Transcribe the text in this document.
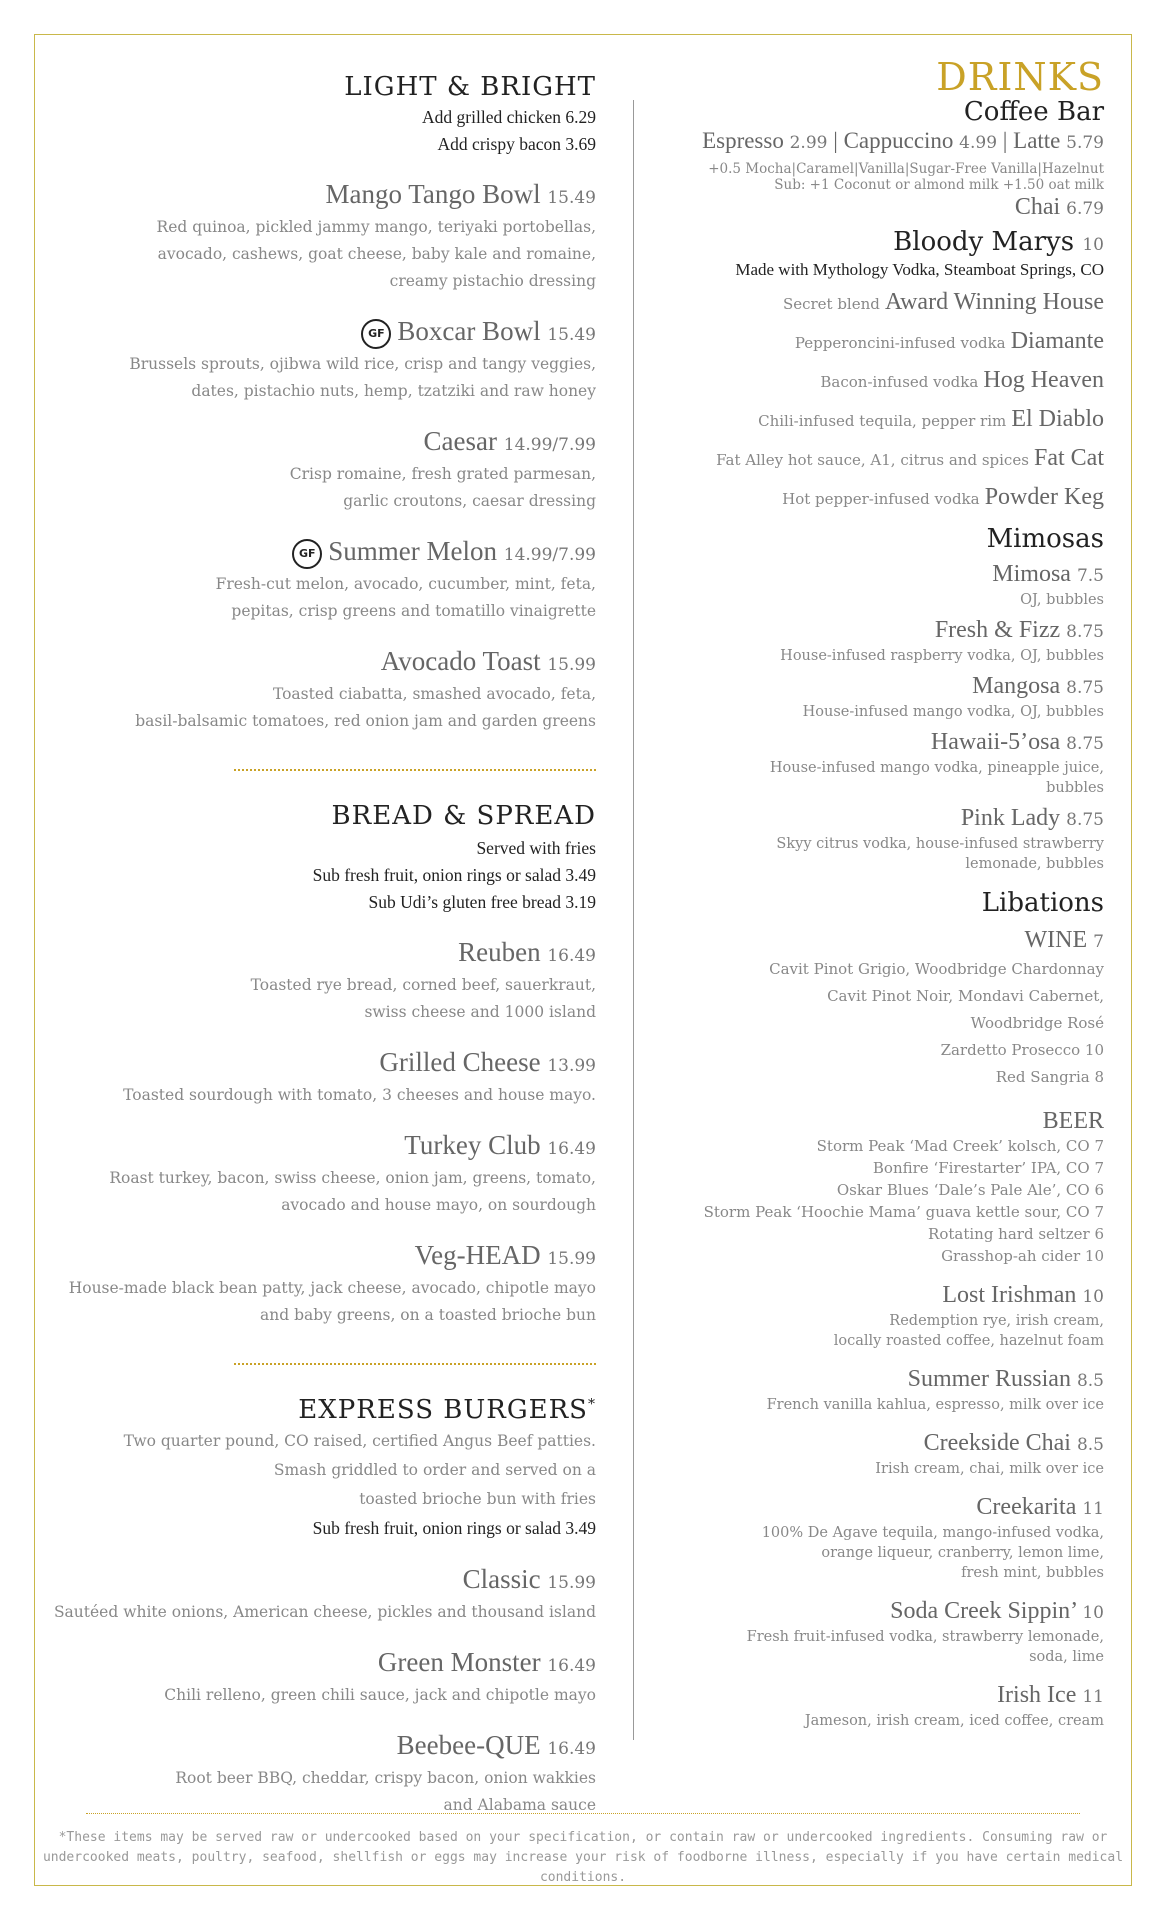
LIGHT & BRIGHT
Add grilled chicken 6.29
Add crispy bacon 3.69
Mango Tango Bowl 15.49
Red quinoa, pickled jammy mango, teriyaki portobellas,
avocado, cashews, goat cheese, baby kale and romaine,
creamy pistachio dressing
GF Boxcar Bowl 15.49
Brussels sprouts, ojibwa wild rice, crisp and tangy veggies,
dates, pistachio nuts, hemp, tzatziki and raw honey
Caesar 14.99/7.99
Crisp romaine, fresh grated parmesan,
garlic croutons, caesar dressing
GF Summer Melon 14.99/7.99
Fresh-cut melon, avocado, cucumber, mint, feta,
pepitas, crisp greens and tomatillo vinaigrette
Avocado Toast 15.99
Toasted ciabatta, smashed avocado, feta,
basil-balsamic tomatoes, red onion jam and garden greens
BREAD & SPREAD
Served with fries
Sub fresh fruit, onion rings or salad 3.49
Sub Udi’s gluten free bread 3.19
Reuben 16.49
Toasted rye bread, corned beef, sauerkraut,
swiss cheese and 1000 island
Grilled Cheese 13.99
Toasted sourdough with tomato, 3 cheeses and house mayo.
Turkey Club 16.49
Roast turkey, bacon, swiss cheese, onion jam, greens, tomato,
avocado and house mayo, on sourdough
Veg-HEAD 15.99
House-made black bean patty, jack cheese, avocado, chipotle mayo
and baby greens, on a toasted brioche bun
EXPRESS BURGERS*
Two quarter pound, CO raised, certified Angus Beef patties.
Smash griddled to order and served on a
toasted brioche bun with fries
Sub fresh fruit, onion rings or salad 3.49
Classic 15.99
Sautéed white onions, American cheese, pickles and thousand island
Green Monster 16.49
Chili relleno, green chili sauce, jack and chipotle mayo
Beebee-QUE 16.49
Root beer BBQ, cheddar, crispy bacon, onion wakkies
and Alabama sauce
DRINKS
Coffee Bar
Espresso 2.99 | Cappuccino 4.99 | Latte 5.79
+0.5 Mocha|Caramel|Vanilla|Sugar-Free Vanilla|Hazelnut
Sub: +1 Coconut or almond milk +1.50 oat milk
Chai 6.79
Bloody Marys 10
Made with Mythology Vodka, Steamboat Springs, CO
Secret blend Award Winning House
Pepperoncini-infused vodka Diamante
Bacon-infused vodka Hog Heaven
Chili-infused tequila, pepper rim El Diablo
Fat Alley hot sauce, A1, citrus and spices Fat Cat
Hot pepper-infused vodka Powder Keg
Mimosas
Mimosa 7.5
OJ, bubbles
Fresh & Fizz 8.75
House-infused raspberry vodka, OJ, bubbles
Mangosa 8.75
House-infused mango vodka, OJ, bubbles
Hawaii-5’osa 8.75
House-infused mango vodka, pineapple juice,
bubbles
Pink Lady 8.75
Skyy citrus vodka, house-infused strawberry
lemonade, bubbles
Libations
WINE 7
Cavit Pinot Grigio, Woodbridge Chardonnay
Cavit Pinot Noir, Mondavi Cabernet,
Woodbridge Rosé
Zardetto Prosecco 10
Red Sangria 8
BEER
Storm Peak ‘Mad Creek’ kolsch, CO 7
Bonfire ‘Firestarter’ IPA, CO 7
Oskar Blues ‘Dale’s Pale Ale’, CO 6
Storm Peak ‘Hoochie Mama’ guava kettle sour, CO 7
Rotating hard seltzer 6
Grasshop-ah cider 10
Lost Irishman 10
Redemption rye, irish cream,
locally roasted coffee, hazelnut foam
Summer Russian 8.5
French vanilla kahlua, espresso, milk over ice
Creekside Chai 8.5
Irish cream, chai, milk over ice
Creekarita 11
100% De Agave tequila, mango-infused vodka,
orange liqueur, cranberry, lemon lime,
fresh mint, bubbles
Soda Creek Sippin’ 10
Fresh fruit-infused vodka, strawberry lemonade,
soda, lime
Irish Ice 11
Jameson, irish cream, iced coffee, cream
*These items may be served raw or undercooked based on your specification, or contain raw or undercooked ingredients. Consuming raw or
undercooked meats, poultry, seafood, shellfish or eggs may increase your risk of foodborne illness, especially if you have certain medical conditions.
